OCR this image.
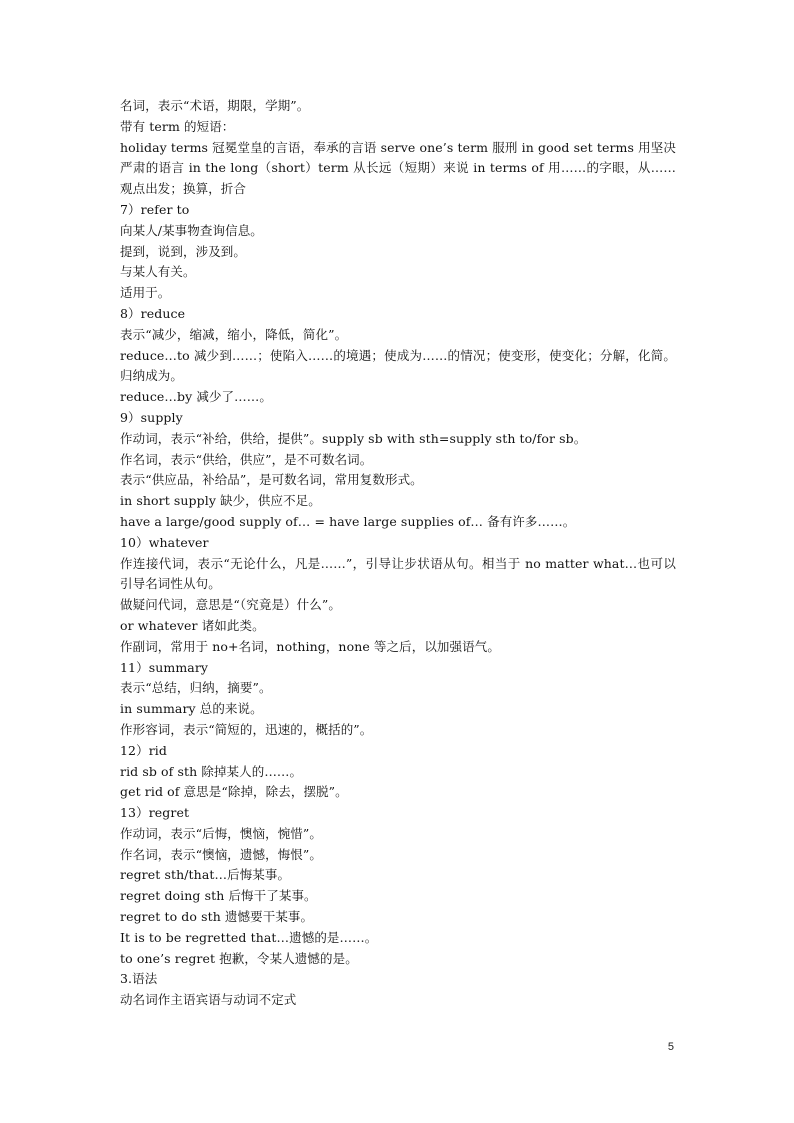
名词，表示“术语，期限，学期”。
带有 term 的短语：
holiday terms 冠冕堂皇的言语，奉承的言语 serve one’s term 服刑 in good set terms 用坚决严肃的语言 in the long（short）term 从长远（短期）来说 in terms of 用……的字眼，从……观点出发；换算，折合
7）refer to
向某人/某事物查询信息。
提到，说到，涉及到。
与某人有关。
适用于。
8）reduce
表示“减少，缩减，缩小，降低，简化”。
reduce…to 减少到……；使陷入……的境遇；使成为……的情况；使变形，使变化；分解，化简。归纳成为。
reduce…by 减少了……。
9）supply
作动词，表示“补给，供给，提供”。supply sb with sth=supply sth to/for sb。
作名词，表示“供给，供应”，是不可数名词。
表示“供应品，补给品”，是可数名词，常用复数形式。
in short supply 缺少，供应不足。
have a large/good supply of… = have large supplies of… 备有许多……。
10）whatever
作连接代词，表示“无论什么，凡是……”，引导让步状语从句。相当于 no matter what…也可以引导名词性从句。
做疑问代词，意思是“（究竟是）什么”。
or whatever 诸如此类。
作副词，常用于 no+名词，nothing，none 等之后，以加强语气。
11）summary
表示“总结，归纳，摘要”。
in summary 总的来说。
作形容词，表示“简短的，迅速的，概括的”。
12）rid
rid sb of sth 除掉某人的……。
get rid of 意思是“除掉，除去，摆脱”。
13）regret
作动词，表示“后悔，懊恼，惋惜”。
作名词，表示“懊恼，遗憾，悔恨”。
regret sth/that…后悔某事。
regret doing sth 后悔干了某事。
regret to do sth 遗憾要干某事。
It is to be regretted that…遗憾的是……。
to one’s regret 抱歉，令某人遗憾的是。
3.语法
动名词作主语宾语与动词不定式
5
